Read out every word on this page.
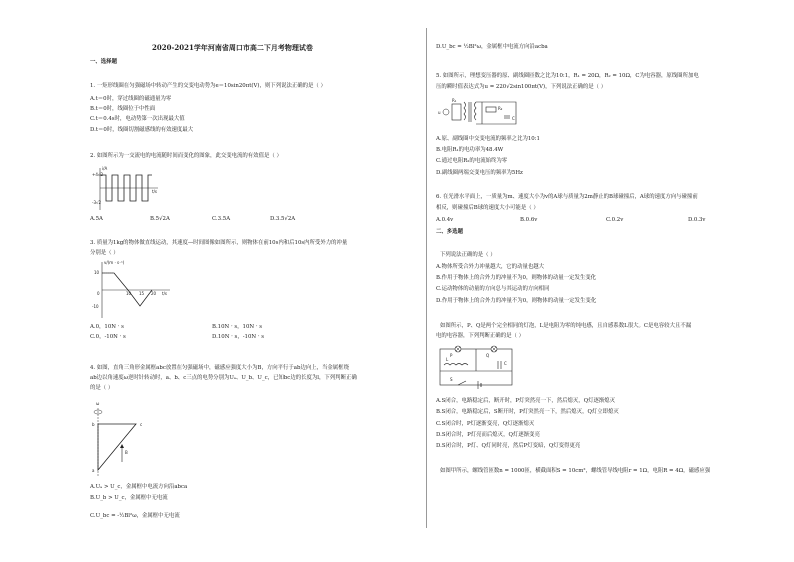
2020-2021学年河南省周口市高二下月考物理试卷
一、选择题
1. 一矩形线圈在匀强磁场中转动产生的交变电动势为e＝10sin20πt(V)，则下列说法正确的是（ ）
A.t＝0时，穿过线圈的磁通量为零
B.t＝0时，线圈位于中性面
C.t＝0.4s时，电动势第一次出现最大值
D.t＝0时，线圈切割磁感线的有效速度最大
2. 如图所示为一交流电的电流随时间而变化的图象，此交变电流的有效值是（ ）
i/A
+4√2
-3√2
t/s
A.5A	B.5√2A	C.3.5A	D.3.5√2A
3. 质量为1kg的物体做直线运动，其速度—时间图像如图所示，则物体在前10s内和后10s内所受外力的冲量
分别是（ ）
v/(m · s⁻¹)
10
-10
0	10 15 20 t/s
A.0，10N · s	B.10N · s，10N · s
C.0，-10N · s	D.10N · s，-10N · s
4. 如图，直角三角形金属框abc放置在匀强磁场中，磁感应强度大小为B，方向平行于ab边向上，当金属框绕
ab边以角速度ω逆时针转动时，a、b、c三点的电势分别为Uₐ、U_b、U_c，已知bc边的长度为l，下列判断正确
的是（ ）
ω
b
a
c
B
A.Uₐ > U_c，金属框中电流方向沿abca
B.U_b > U_c，金属框中无电流
C.U_bc = -½Bl²ω，金属框中无电流
D.U_bc = ½Bl²ω，金属框中电流方向沿acba
5. 如图所示，理想变压器的原、副线圈匝数之比为10:1，R₁ = 20Ω，R₂ = 10Ω，C为电容器，原线圈所加电
压的瞬时值表达式为u = 220√2sin100πt(V)，下列说法正确的是（ ）
u
R₁
R₂
C
A.原、副线圈中交变电流的频率之比为10:1
B.电阻R₁的电功率为48.4W
C.通过电阻R₂的电流始终为零
D.副线圈两端交变电压的频率为5Hz
6. 在光滑水平面上，一质量为m、速度大小为v的A球与质量为2m静止的B球碰撞后，A球的速度方向与碰撞前
相反，则碰撞后B球的速度大小可能是（ ）
A.0.4v	B.0.6v	C.0.2v	D.0.3v
二、多选题
下列说法正确的是（ ）
A.物体所受合外力冲量越大，它的动量也越大
B.作用于物体上的合外力的冲量不为0，则物体的动量一定发生变化
C.运动物体的动量的方向总与其运动的方向相同
D.作用于物体上的合外力的冲量不为0，则物体的动量一定发生变化
如图所示，P、Q是两个完全相同的灯泡，L是电阻为零的纯电感，且自感系数L很大。C是电容较大且不漏
电的电容器，下列判断正确的是（ ）
P	Q
L
C
S
A.S闭合，电路稳定后，断开时，P灯突然亮一下，然后熄灭，Q灯逐渐熄灭
B.S闭合，电路稳定后，S断开时，P灯突然亮一下，然后熄灭，Q灯立即熄灭
C.S闭合时，P灯逐渐变亮，Q灯逐渐熄灭
D.S闭合时，P灯亮而后熄灭，Q灯逐渐变亮
D.S闭合时，P灯、Q灯同时亮，然后P灯变暗，Q灯变得更亮
如图甲所示，螺线管匝数n = 1000匝，横截面积S = 10cm²，螺线管导线电阻r = 1Ω，电阻R = 4Ω，磁感应强
